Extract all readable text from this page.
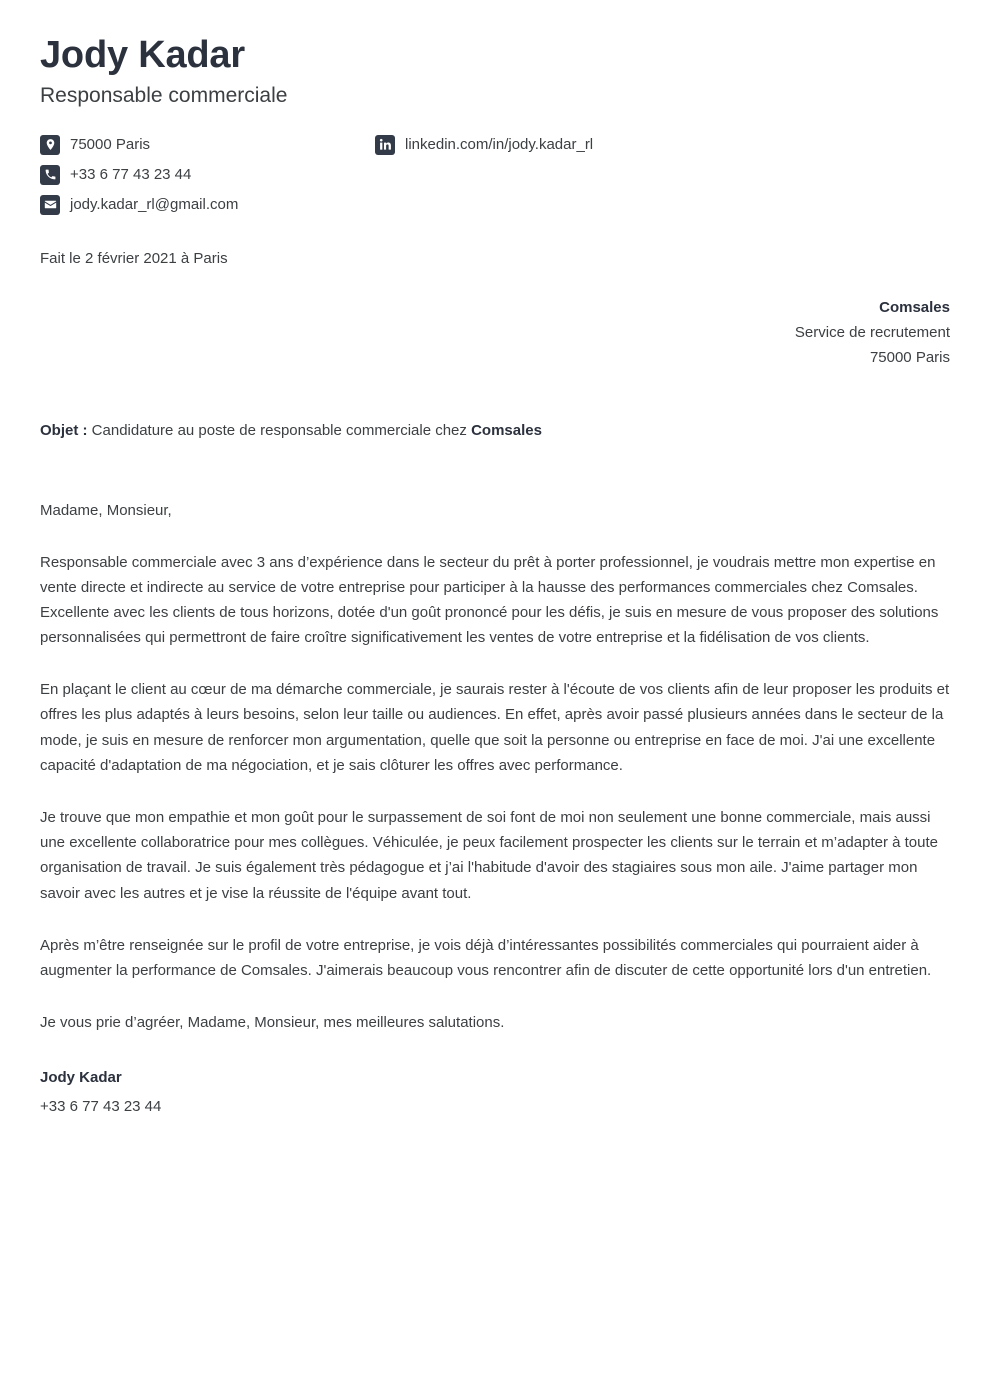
Jody Kadar
Responsable commerciale
75000 Paris	linkedin.com/in/jody.kadar_rl
+33 6 77 43 23 44
jody.kadar_rl@gmail.com
Fait le 2 février 2021 à Paris
Comsales
Service de recrutement
75000 Paris
Objet : Candidature au poste de responsable commerciale chez Comsales
Madame, Monsieur,

Responsable commerciale avec 3 ans d’expérience dans le secteur du prêt à porter professionnel, je voudrais mettre mon expertise en vente directe et indirecte au service de votre entreprise pour participer à la hausse des performances commerciales chez Comsales. Excellente avec les clients de tous horizons, dotée d'un goût prononcé pour les défis, je suis en mesure de vous proposer des solutions personnalisées qui permettront de faire croître significativement les ventes de votre entreprise et la fidélisation de vos clients.

En plaçant le client au cœur de ma démarche commerciale, je saurais rester à l'écoute de vos clients afin de leur proposer les produits et offres les plus adaptés à leurs besoins, selon leur taille ou audiences. En effet, après avoir passé plusieurs années dans le secteur de la mode, je suis en mesure de renforcer mon argumentation, quelle que soit la personne ou entreprise en face de moi. J'ai une excellente capacité d'adaptation de ma négociation, et je sais clôturer les offres avec performance.

Je trouve que mon empathie et mon goût pour le surpassement de soi font de moi non seulement une bonne commerciale, mais aussi une excellente collaboratrice pour mes collègues. Véhiculée, je peux facilement prospecter les clients sur le terrain et m’adapter à toute organisation de travail. Je suis également très pédagogue et j’ai l'habitude d'avoir des stagiaires sous mon aile. J'aime partager mon savoir avec les autres et je vise la réussite de l'équipe avant tout.

Après m’être renseignée sur le profil de votre entreprise, je vois déjà d’intéressantes possibilités commerciales qui pourraient aider à augmenter la performance de Comsales. J'aimerais beaucoup vous rencontrer afin de discuter de cette opportunité lors d'un entretien.

Je vous prie d’agréer, Madame, Monsieur, mes meilleures salutations.
Jody Kadar
+33 6 77 43 23 44
